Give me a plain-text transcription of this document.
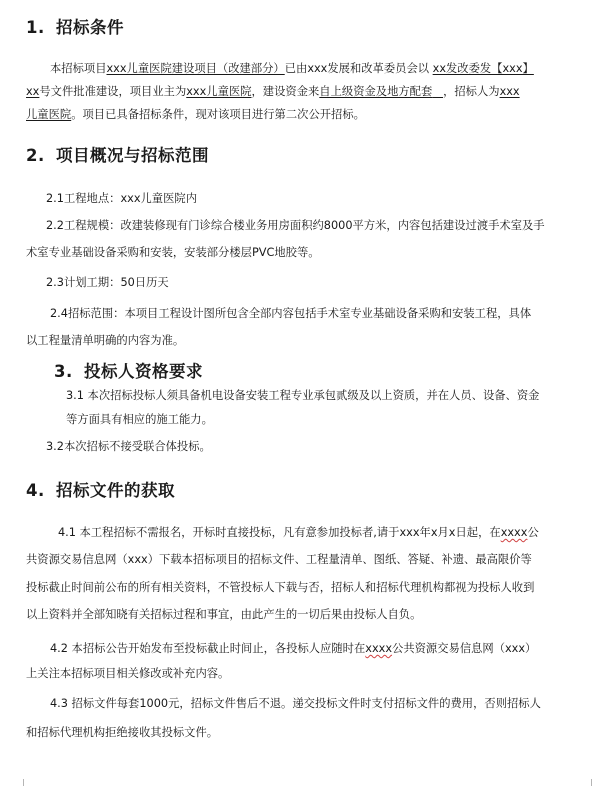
1. 招标条件
本招标项目xxx儿童医院建设项目（改建部分）已由xxx发展和改革委员会以 xx发改委发【xxx】
xx号文件批准建设，项目业主为xxx儿童医院，建设资金来自上级资金及地方配套 ，招标人为xxx
儿童医院。项目已具备招标条件，现对该项目进行第二次公开招标。
2. 项目概况与招标范围
2.1工程地点：xxx儿童医院内
2.2工程规模：改建装修现有门诊综合楼业务用房面积约8000平方米，内容包括建设过渡手术室及手
术室专业基础设备采购和安装，安装部分楼层PVC地胶等。
2.3计划工期：50日历天
2.4招标范围：本项目工程设计图所包含全部内容包括手术室专业基础设备采购和安装工程，具体
以工程量清单明确的内容为准。
3. 投标人资格要求
3.1 本次招标投标人须具备机电设备安装工程专业承包贰级及以上资质，并在人员、设备、资金
等方面具有相应的施工能力。
3.2本次招标不接受联合体投标。
4. 招标文件的获取
4.1 本工程招标不需报名，开标时直接投标，凡有意参加投标者,请于xxx年x月x日起，在xxxx公
共资源交易信息网（xxx）下载本招标项目的招标文件、工程量清单、图纸、答疑、补遗、最高限价等
投标截止时间前公布的所有相关资料，不管投标人下载与否，招标人和招标代理机构都视为投标人收到
以上资料并全部知晓有关招标过程和事宜，由此产生的一切后果由投标人自负。
4.2 本招标公告开始发布至投标截止时间止，各投标人应随时在xxxx公共资源交易信息网（xxx）
上关注本招标项目相关修改或补充内容。
4.3 招标文件每套1000元，招标文件售后不退。递交投标文件时支付招标文件的费用，否则招标人
和招标代理机构拒绝接收其投标文件。
